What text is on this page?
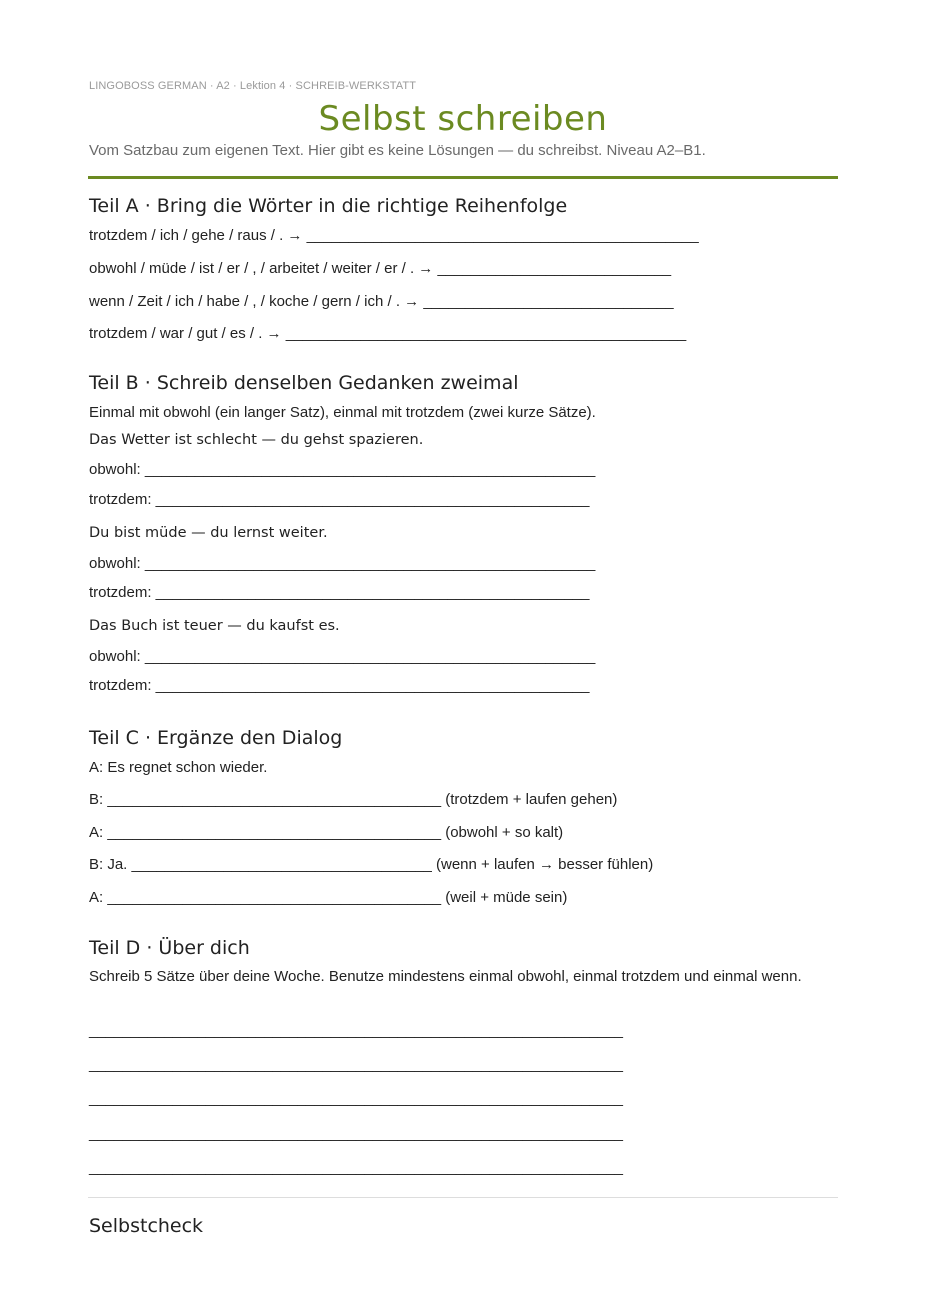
LINGOBOSS GERMAN · A2 · Lektion 4 · SCHREIB-WERKSTATT
Selbst schreiben
Vom Satzbau zum eigenen Text. Hier gibt es keine Lösungen — du schreibst. Niveau A2–B1.
Teil A · Bring die Wörter in die richtige Reihenfolge
trotzdem / ich / gehe / raus / . → _______________________________________________
obwohl / müde / ist / er / , / arbeitet / weiter / er / . → ____________________________
wenn / Zeit / ich / habe / , / koche / gern / ich / . → ______________________________
trotzdem / war / gut / es / . → ________________________________________________
Teil B · Schreib denselben Gedanken zweimal
Einmal mit obwohl (ein langer Satz), einmal mit trotzdem (zwei kurze Sätze).
Das Wetter ist schlecht — du gehst spazieren.
obwohl: ______________________________________________________
trotzdem: ____________________________________________________
Du bist müde — du lernst weiter.
obwohl: ______________________________________________________
trotzdem: ____________________________________________________
Das Buch ist teuer — du kaufst es.
obwohl: ______________________________________________________
trotzdem: ____________________________________________________
Teil C · Ergänze den Dialog
A: Es regnet schon wieder.
B: ________________________________________ (trotzdem + laufen gehen)
A: ________________________________________ (obwohl + so kalt)
B: Ja. ____________________________________ (wenn + laufen → besser fühlen)
A: ________________________________________ (weil + müde sein)
Teil D · Über dich
Schreib 5 Sätze über deine Woche. Benutze mindestens einmal obwohl, einmal trotzdem und einmal wenn.
________________________________________________________________
________________________________________________________________
________________________________________________________________
________________________________________________________________
________________________________________________________________
Selbstcheck
